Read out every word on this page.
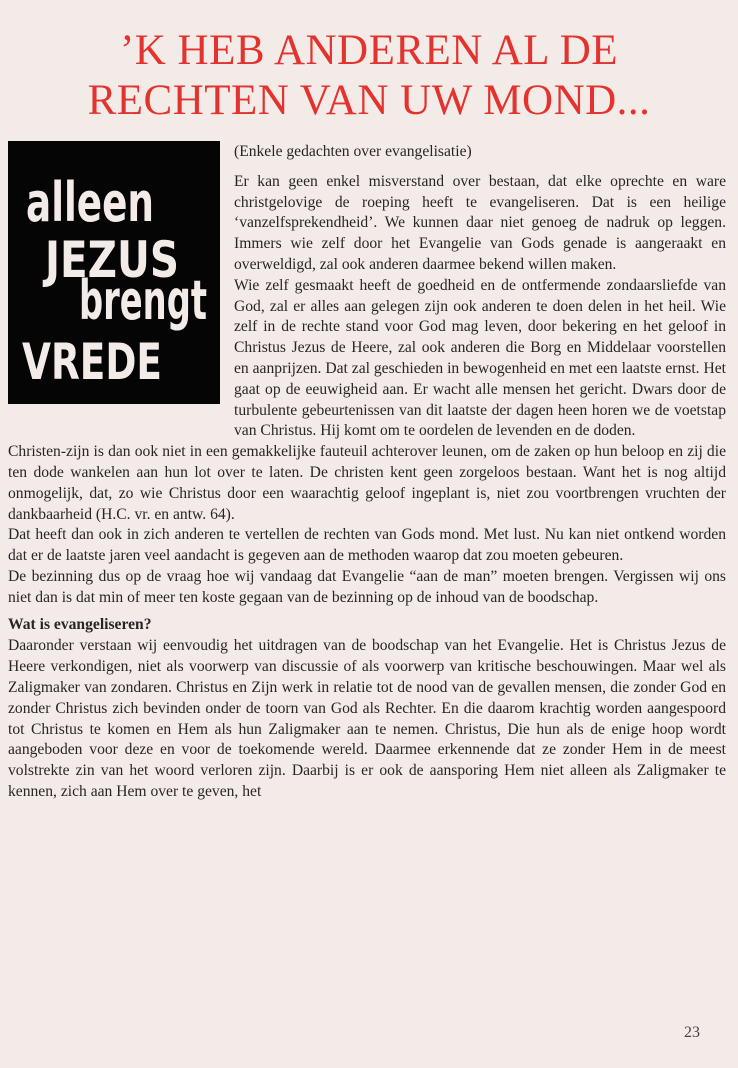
’K HEB ANDEREN AL DE
RECHTEN VAN UW MOND...
alleen
JEZUS
brengt
VREDE

(Enkele gedachten over evangelisatie)

Er kan geen enkel misverstand over bestaan, dat elke oprechte en ware christgelovige de roeping heeft te evangeliseren. Dat is een heilige ‘vanzelfsprekendheid’. We kunnen daar niet genoeg de nadruk op leggen. Immers wie zelf door het Evangelie van Gods genade is aangeraakt en overweldigd, zal ook anderen daarmee bekend willen maken.

Wie zelf gesmaakt heeft de goedheid en de ontfermende zondaarsliefde van God, zal er alles aan gelegen zijn ook anderen te doen delen in het heil. Wie zelf in de rechte stand voor God mag leven, door bekering en het geloof in Christus Jezus de Heere, zal ook anderen die Borg en Middelaar voorstellen en aanprijzen. Dat zal geschieden in bewogenheid en met een laatste ernst. Het gaat op de eeuwigheid aan. Er wacht alle mensen het gericht. Dwars door de turbulente gebeurtenissen van dit laatste der dagen heen horen we de voetstap van Christus. Hij komt om te oordelen de levenden en de doden.

Christen-zijn is dan ook niet in een gemakkelijke fauteuil achterover leunen, om de zaken op hun beloop en zij die ten dode wankelen aan hun lot over te laten. De christen kent geen zorgeloos bestaan. Want het is nog altijd onmogelijk, dat, zo wie Christus door een waarachtig geloof ingeplant is, niet zou voortbrengen vruchten der dankbaarheid (H.C. vr. en antw. 64).

Dat heeft dan ook in zich anderen te vertellen de rechten van Gods mond. Met lust. Nu kan niet ontkend worden dat er de laatste jaren veel aandacht is gegeven aan de methoden waarop dat zou moeten gebeuren.

De bezinning dus op de vraag hoe wij vandaag dat Evangelie “aan de man” moeten brengen. Vergissen wij ons niet dan is dat min of meer ten koste gegaan van de bezinning op de inhoud van de boodschap.

Wat is evangeliseren?

Daaronder verstaan wij eenvoudig het uitdragen van de boodschap van het Evangelie. Het is Christus Jezus de Heere verkondigen, niet als voorwerp van discussie of als voorwerp van kritische beschouwingen. Maar wel als Zaligmaker van zondaren. Christus en Zijn werk in relatie tot de nood van de gevallen mensen, die zonder God en zonder Christus zich bevinden onder de toorn van God als Rechter. En die daarom krachtig worden aangespoord tot Christus te komen en Hem als hun Zaligmaker aan te nemen. Christus, Die hun als de enige hoop wordt aangeboden voor deze en voor de toekomende wereld. Daarmee erkennende dat ze zonder Hem in de meest volstrekte zin van het woord verloren zijn. Daarbij is er ook de aansporing Hem niet alleen als Zaligmaker te kennen, zich aan Hem over te geven, het

23
